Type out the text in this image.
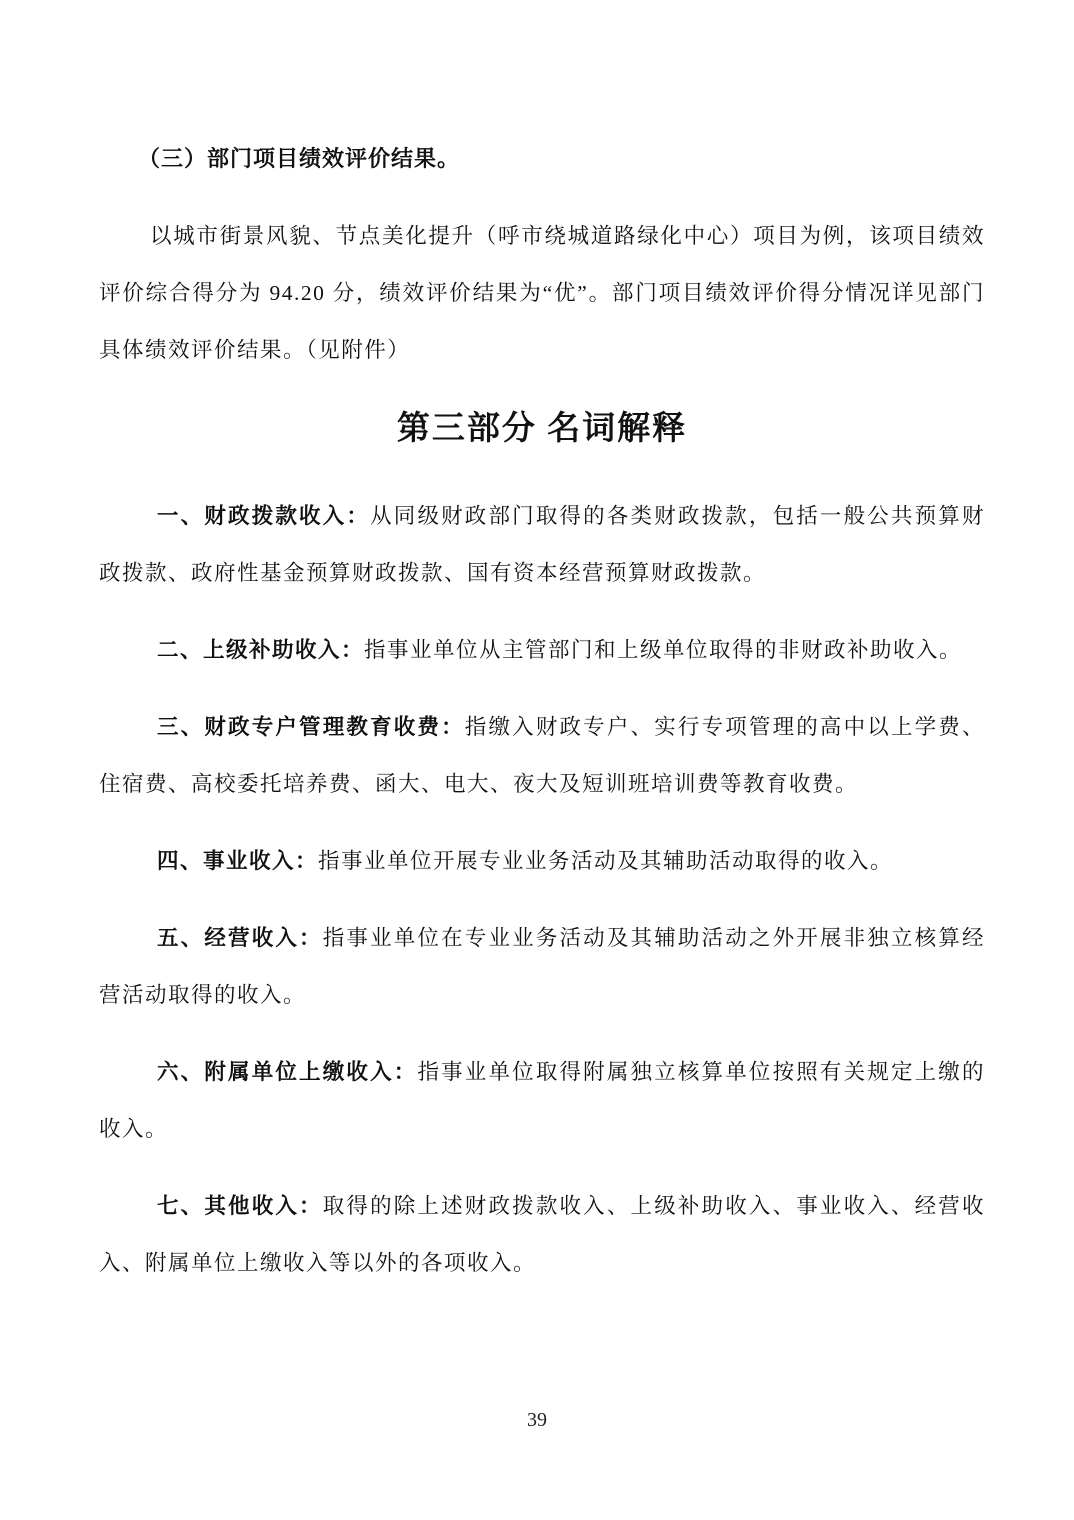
（三）部门项目绩效评价结果。

以城市街景风貌、节点美化提升（呼市绕城道路绿化中心）项目为例，该项目绩效评价综合得分为 94.20 分，绩效评价结果为“优”。部门项目绩效评价得分情况详见部门具体绩效评价结果。（见附件）

第三部分 名词解释

一、财政拨款收入：从同级财政部门取得的各类财政拨款，包括一般公共预算财政拨款、政府性基金预算财政拨款、国有资本经营预算财政拨款。

二、上级补助收入：指事业单位从主管部门和上级单位取得的非财政补助收入。

三、财政专户管理教育收费：指缴入财政专户、实行专项管理的高中以上学费、住宿费、高校委托培养费、函大、电大、夜大及短训班培训费等教育收费。

四、事业收入：指事业单位开展专业业务活动及其辅助活动取得的收入。

五、经营收入：指事业单位在专业业务活动及其辅助活动之外开展非独立核算经营活动取得的收入。

六、附属单位上缴收入：指事业单位取得附属独立核算单位按照有关规定上缴的收入。

七、其他收入：取得的除上述财政拨款收入、上级补助收入、事业收入、经营收入、附属单位上缴收入等以外的各项收入。

39
